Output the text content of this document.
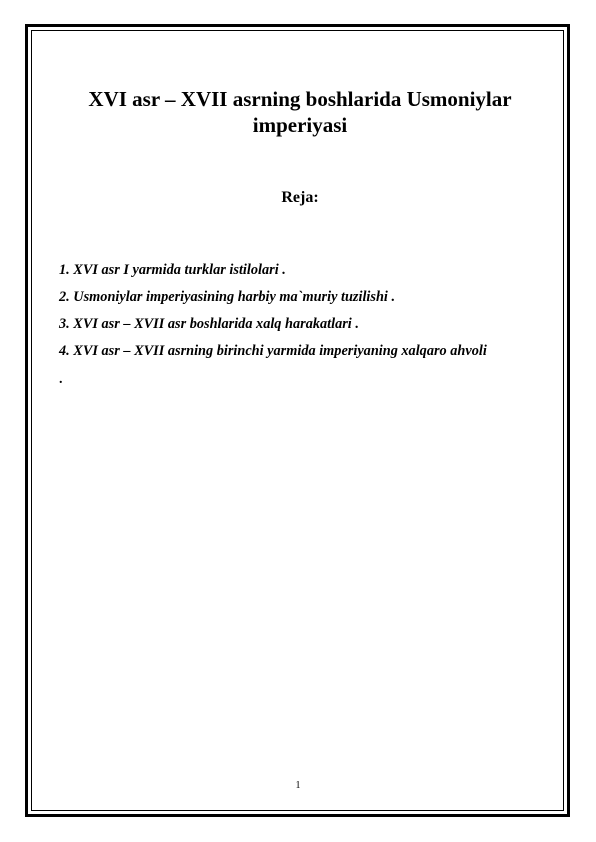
XVI asr – XVII asrning boshlarida Usmoniylar imperiyasi
Reja:
1. XVI asr I yarmida turklar istilolari .
2. Usmoniylar imperiyasining harbiy ma`muriy tuzilishi .
3. XVI asr – XVII asr boshlarida xalq harakatlari .
4. XVI asr – XVII asrning birinchi yarmida imperiyaning xalqaro ahvoli
.
1
